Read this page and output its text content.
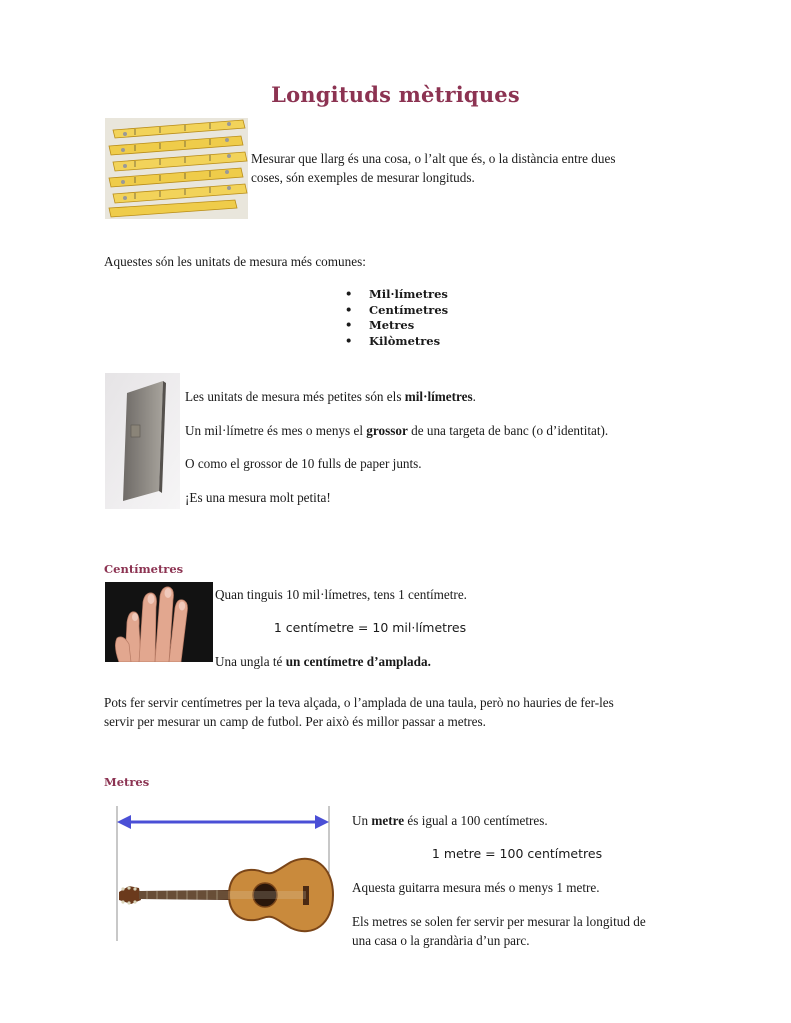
Longituds mètriques
Mesurar que llarg és una cosa, o l’alt que és, o la distància entre dues
coses, són exemples de mesurar longituds.
Aquestes són les unitats de mesura més comunes:
• Mil·límetres
• Centímetres
• Metres
• Kilòmetres
Les unitats de mesura més petites són els mil·límetres.
Un mil·límetre és mes o menys el grossor de una targeta de banc (o d’identitat).
O como el grossor de 10 fulls de paper junts.
¡Es una mesura molt petita!
Centímetres
Quan tinguis 10 mil·límetres, tens 1 centímetre.
1 centímetre = 10 mil·límetres
Una ungla té un centímetre d’amplada.
Pots fer servir centímetres per la teva alçada, o l’amplada de una taula, però no hauries de fer-les
servir per mesurar un camp de futbol. Per això és millor passar a metres.
Metres
Un metre és igual a 100 centímetres.
1 metre = 100 centímetres
Aquesta guitarra mesura més o menys 1 metre.
Els metres se solen fer servir per mesurar la longitud de
una casa o la grandària d’un parc.
